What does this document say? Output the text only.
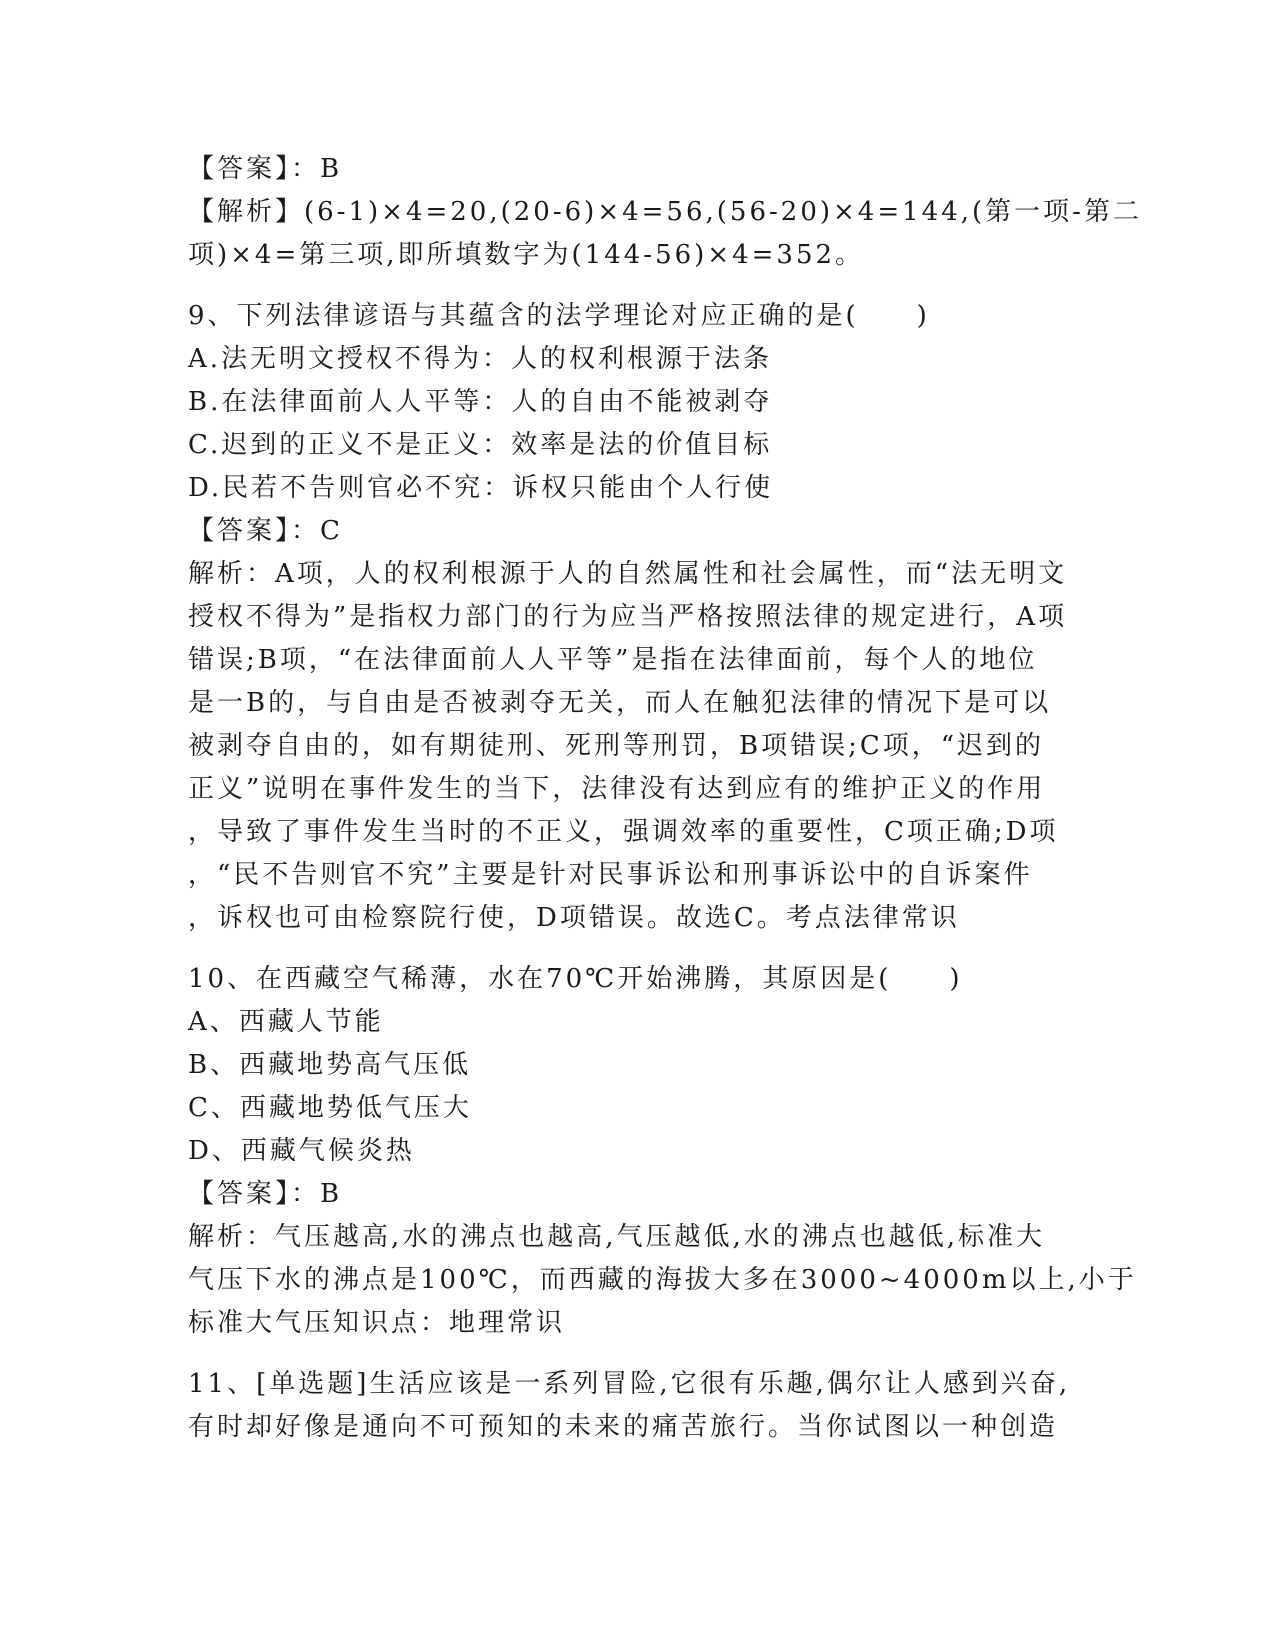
【答案】：B
【解析】(6-1)×4=20,(20-6)×4=56,(56-20)×4=144,(第一项-第二
项)×4=第三项,即所填数字为(144-56)×4=352。
9、下列法律谚语与其蕴含的法学理论对应正确的是(　　)
A.法无明文授权不得为：人的权利根源于法条
B.在法律面前人人平等：人的自由不能被剥夺
C.迟到的正义不是正义：效率是法的价值目标
D.民若不告则官必不究：诉权只能由个人行使
【答案】：C
解析：A项，人的权利根源于人的自然属性和社会属性，而“法无明文
授权不得为”是指权力部门的行为应当严格按照法律的规定进行，A项
错误;B项，“在法律面前人人平等”是指在法律面前，每个人的地位
是一B的，与自由是否被剥夺无关，而人在触犯法律的情况下是可以
被剥夺自由的，如有期徒刑、死刑等刑罚，B项错误;C项，“迟到的
正义”说明在事件发生的当下，法律没有达到应有的维护正义的作用
，导致了事件发生当时的不正义，强调效率的重要性，C项正确;D项
，“民不告则官不究”主要是针对民事诉讼和刑事诉讼中的自诉案件
，诉权也可由检察院行使，D项错误。故选C。考点法律常识
10、在西藏空气稀薄，水在70℃开始沸腾，其原因是(　　)
A、西藏人节能
B、西藏地势高气压低
C、西藏地势低气压大
D、西藏气候炎热
【答案】：B
解析：气压越高,水的沸点也越高,气压越低,水的沸点也越低,标准大
气压下水的沸点是100℃，而西藏的海拔大多在3000~4000m以上,小于
标准大气压知识点：地理常识
11、[单选题]生活应该是一系列冒险,它很有乐趣,偶尔让人感到兴奋,
有时却好像是通向不可预知的未来的痛苦旅行。当你试图以一种创造
